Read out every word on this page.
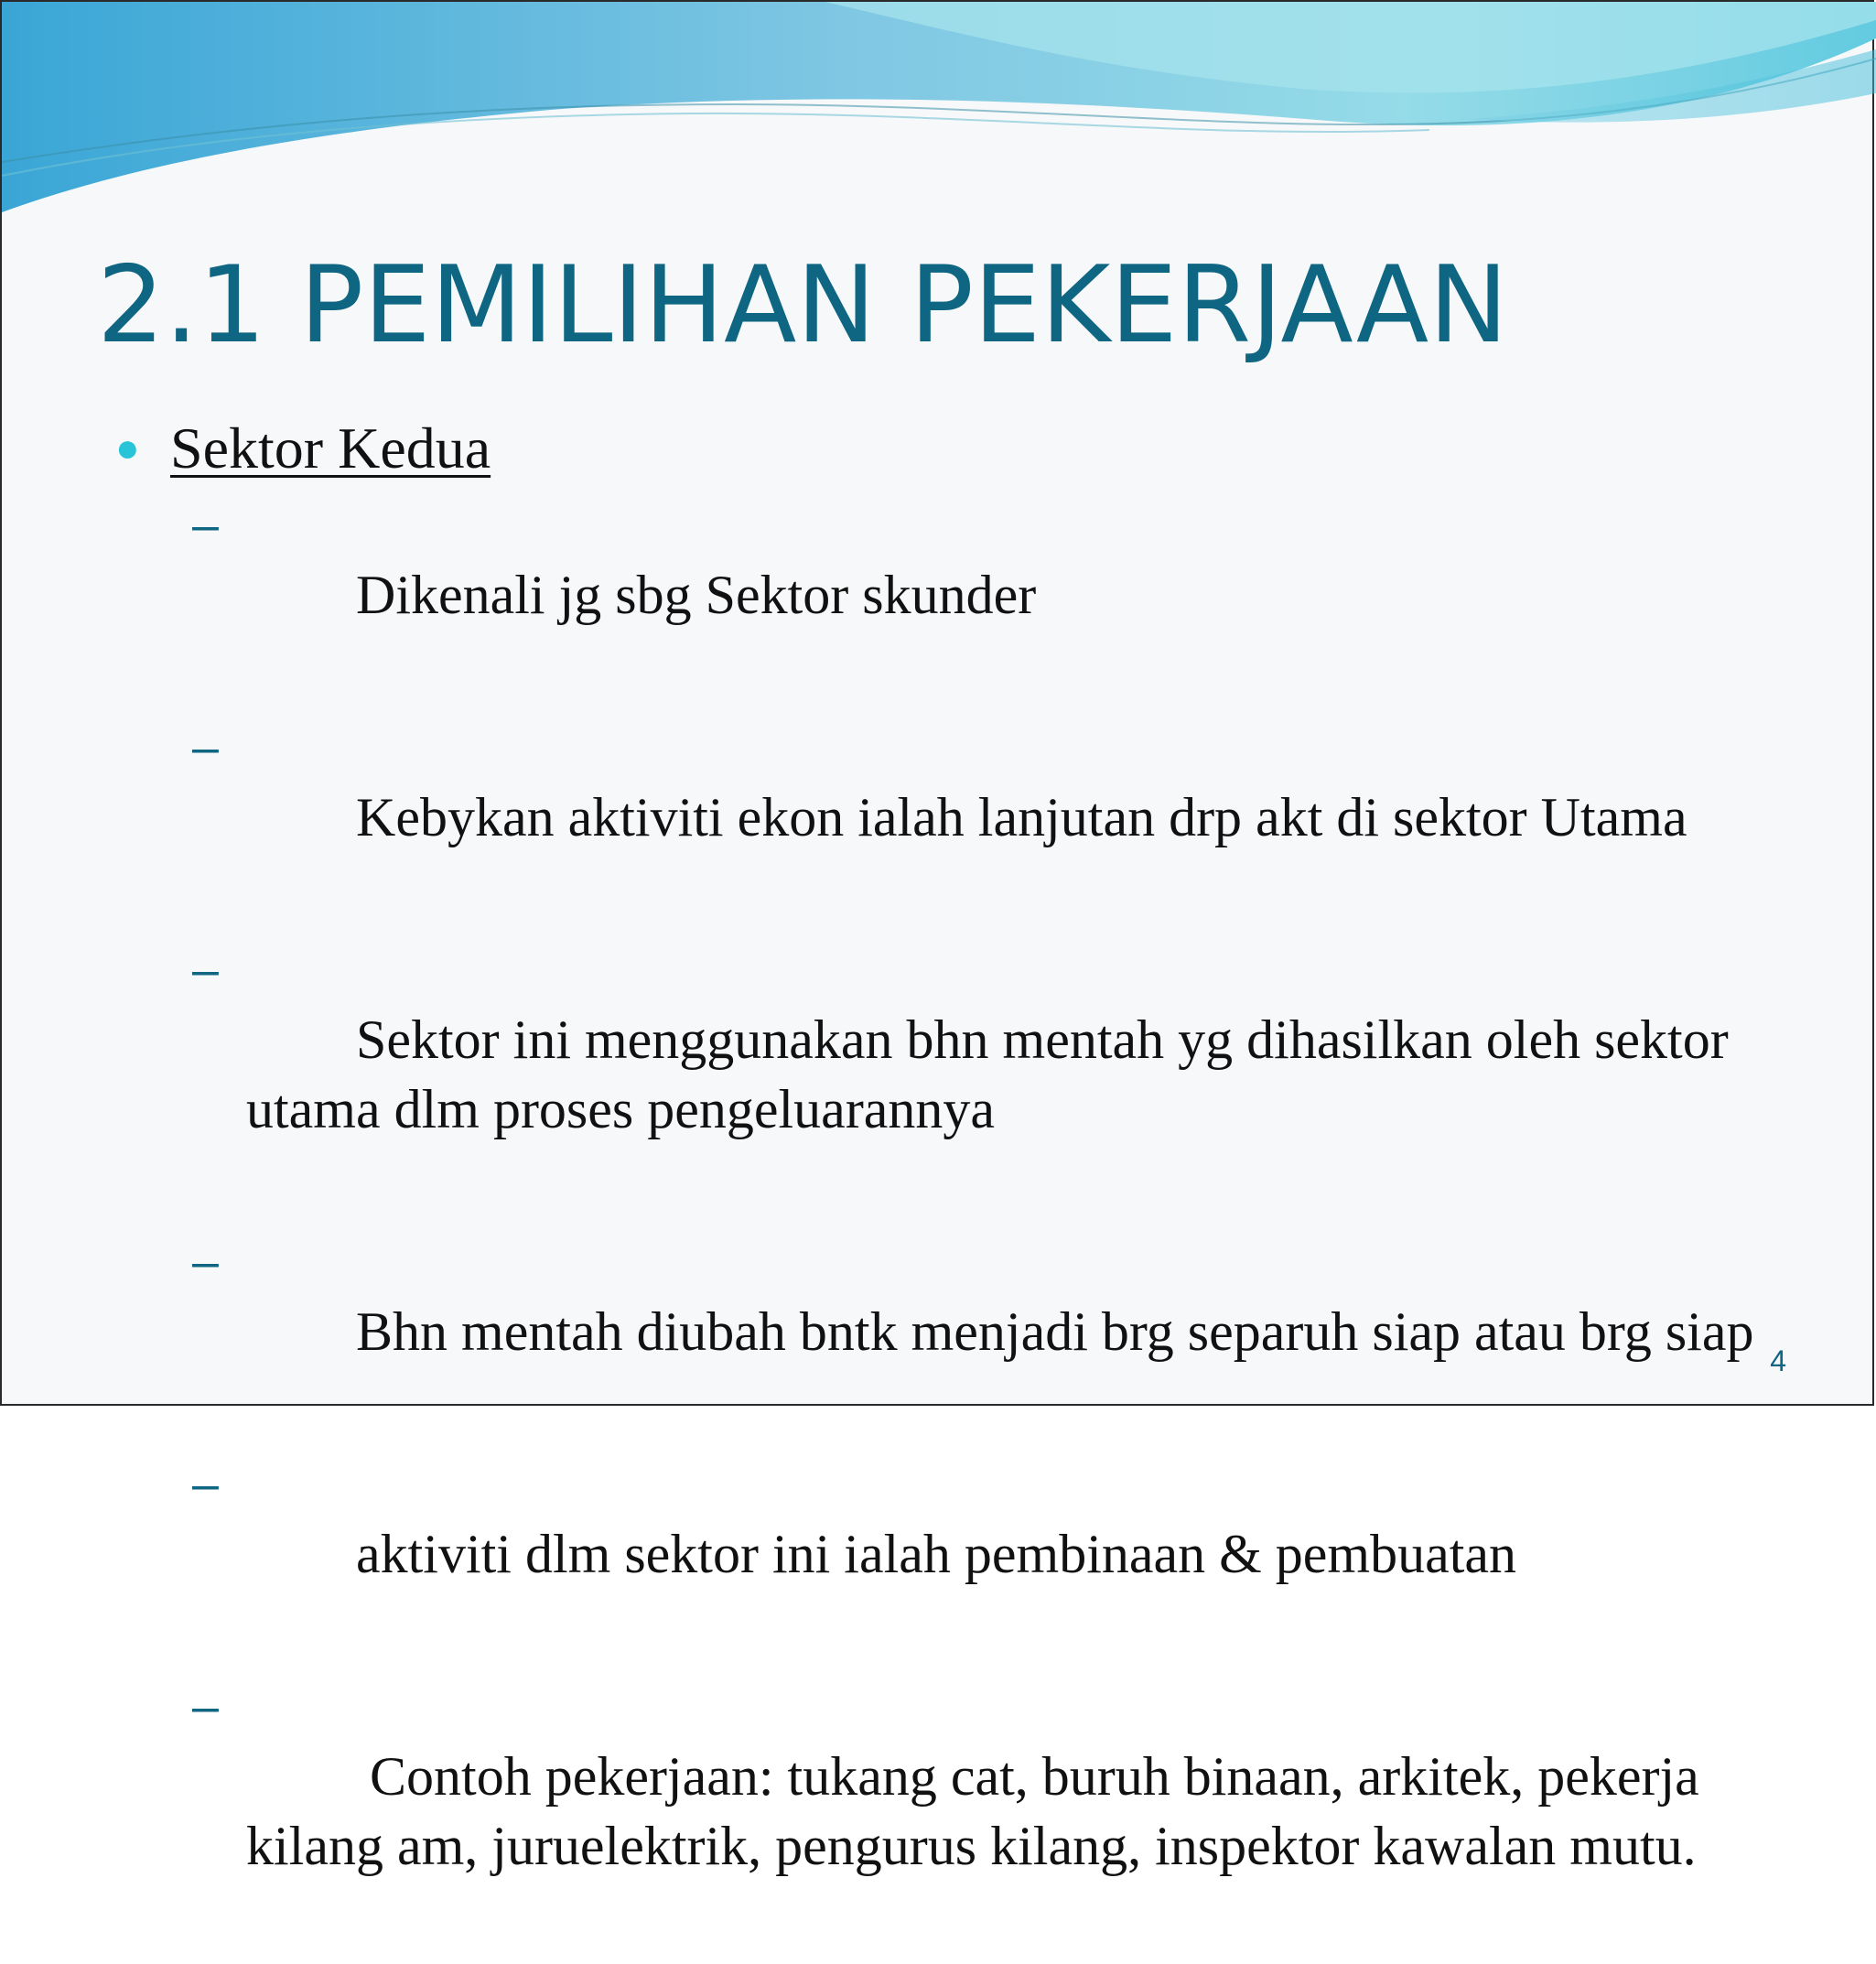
2.1 PEMILIHAN PEKERJAAN
● Sektor Kedua

–
Dikenali jg sbg Sektor skunder

–
Kebykan aktiviti ekon ialah lanjutan drp akt di sektor Utama

–
Sektor ini menggunakan bhn mentah yg dihasilkan oleh sektor utama dlm proses pengeluarannya

–
Bhn mentah diubah bntk menjadi brg separuh siap atau brg siap

–
aktiviti dlm sektor ini ialah pembinaan & pembuatan

–
Contoh pekerjaan: tukang cat, buruh binaan, arkitek, pekerja kilang am, juruelektrik, pengurus kilang, inspektor kawalan mutu.

4
